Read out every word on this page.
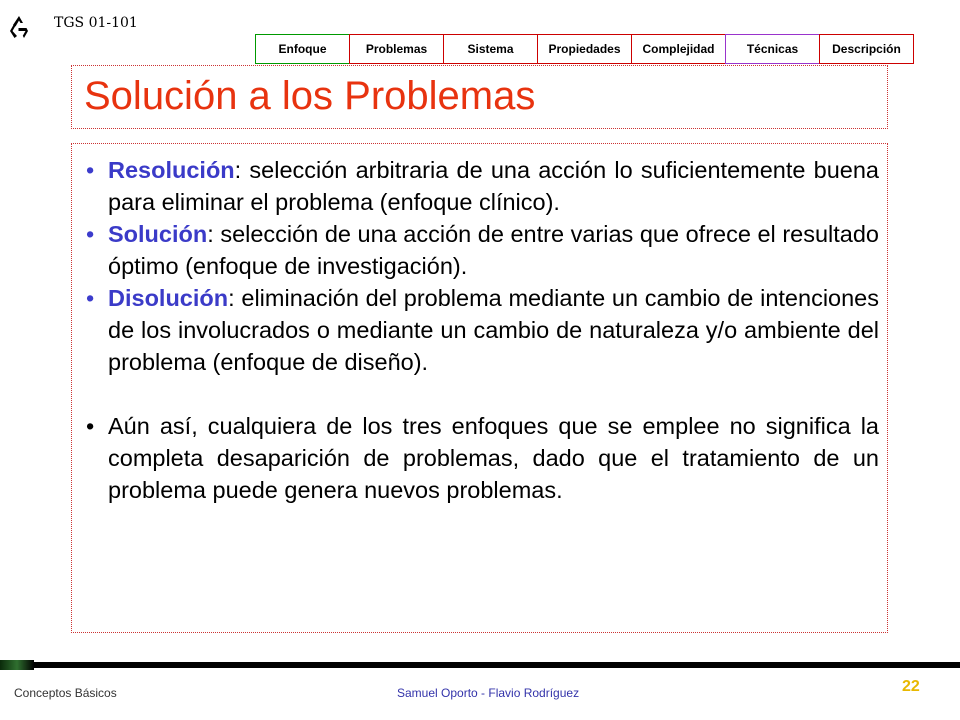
TGS 01-101
Enfoque	Problemas	Sistema	Propiedades	Complejidad	Técnicas	Descripción
Solución a los Problemas
• Resolución: selección arbitraria de una acción lo suficientemente buena para eliminar el problema (enfoque clínico).
• Solución: selección de una acción de entre varias que ofrece el resultado óptimo (enfoque de investigación).
• Disolución: eliminación del problema mediante un cambio de intenciones de los involucrados o mediante un cambio de naturaleza y/o ambiente del problema (enfoque de diseño).
• Aún así, cualquiera de los tres enfoques que se emplee no significa la completa desaparición de problemas, dado que el tratamiento de un problema puede genera nuevos problemas.
Conceptos Básicos	Samuel Oporto - Flavio Rodríguez	22
